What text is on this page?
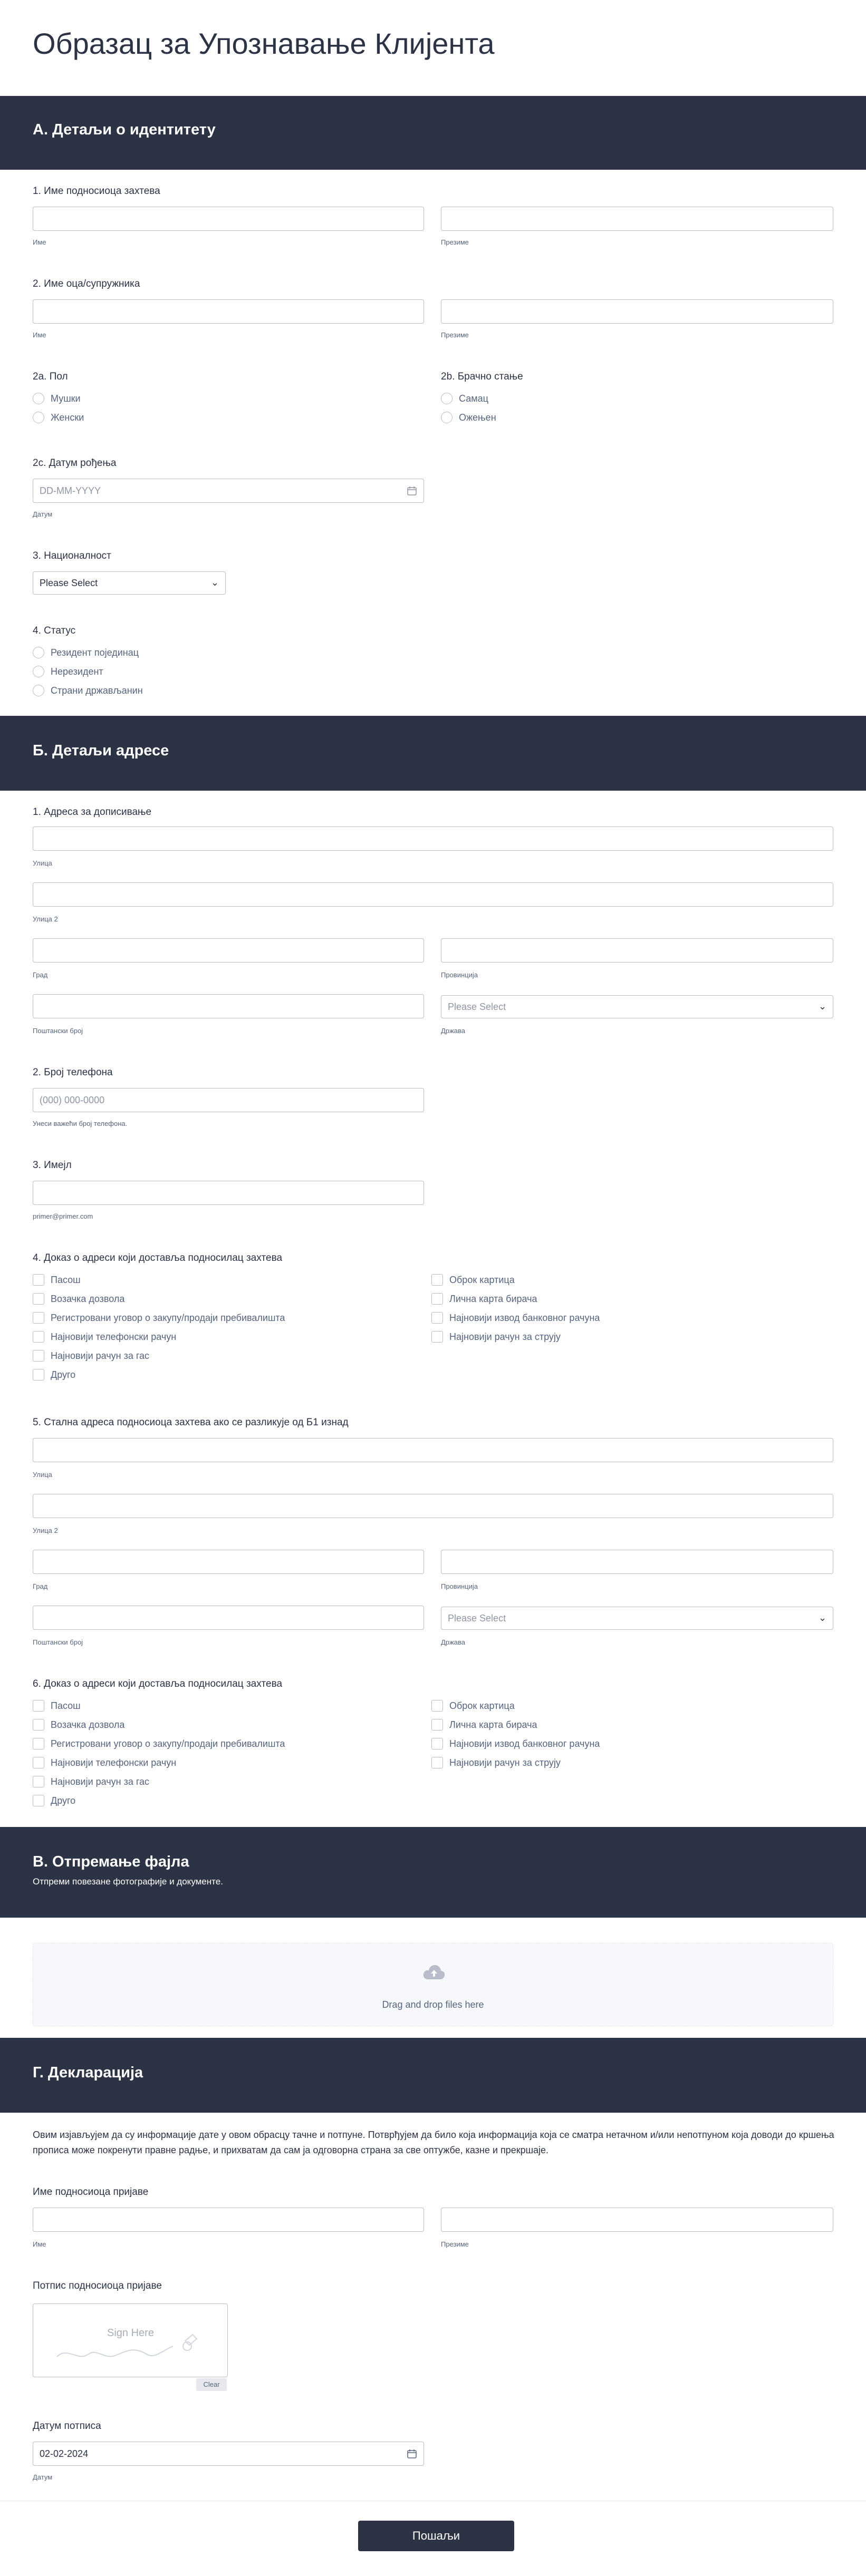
Образац за Упознавање Клијента
А. Детаљи о идентитету
1. Име подносиоца захтева
Име	Презиме
2. Име оца/супружника
Име	Презиме
2а. Пол
Мушки
Женски
2b. Брачно стање
Самац
Ожењен
2с. Датум рођења
DD-MM-YYYY
Датум
3. Националност
Please Select	⌄
4. Статус
Резидент појединац
Нерезидент
Страни држављанин
Б. Детаљи адресе
1. Адреса за дописивање
Улица
Улица 2
Град	Провинција
Please Select	⌄
Поштански број	Држава
2. Број телефона
(000) 000-0000
Унеси важећи број телефона.
3. Имејл
primer@primer.com
4. Доказ о адреси који доставља подносилац захтева
Пасош
Возачка дозвола
Регистровани уговор о закупу/продаји пребивалишта
Најновији телефонски рачун
Најновији рачун за гас
Друго
Оброк картица
Лична карта бирача
Најновији извод банковног рачуна
Најновији рачун за струју
5. Стална адреса подносиоца захтева ако се разликује од Б1 изнад
Улица
Улица 2
Град	Провинција
Please Select	⌄
Поштански број	Држава
6. Доказ о адреси који доставља подносилац захтева
Пасош
Возачка дозвола
Регистровани уговор о закупу/продаји пребивалишта
Најновији телефонски рачун
Најновији рачун за гас
Друго
Оброк картица
Лична карта бирача
Најновији извод банковног рачуна
Најновији рачун за струју
В. Отпремање фајла
Отпреми повезане фотографије и документе.
Drag and drop files here
Г. Декларација
Овим изјављујем да су информације дате у овом обрасцу тачне и потпуне. Потврђујем да било која информација која се сматра нетачном и/или непотпуном која доводи до кршења прописа може покренути правне радње, и прихватам да сам ја одговорна страна за све оптужбе, казне и прекршаје.
Име подносиоца пријаве
Име	Презиме
Потпис подносиоца пријаве
Sign Here
Clear
Датум потписа
02-02-2024
Датум
Пошаљи
